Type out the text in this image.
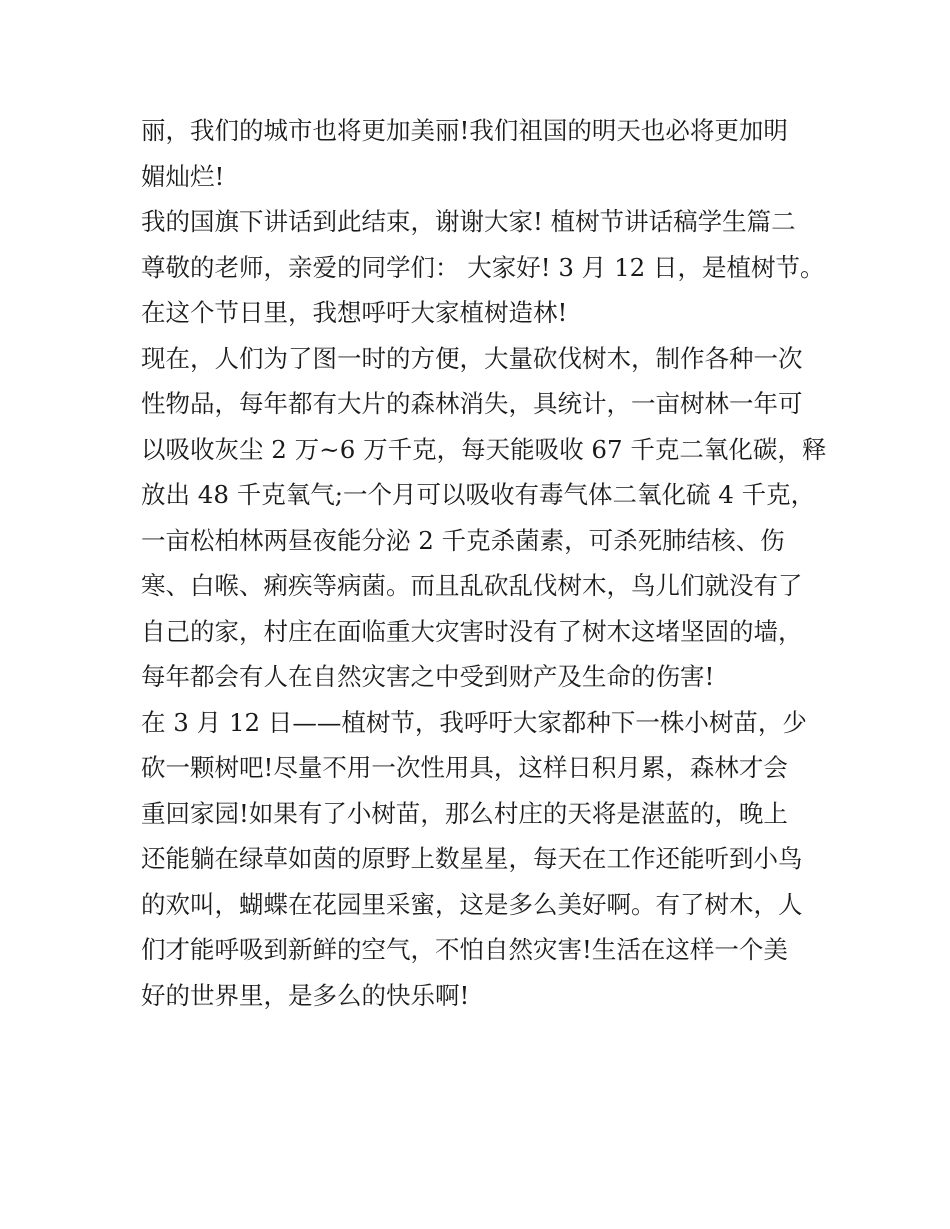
丽，我们的城市也将更加美丽!我们祖国的明天也必将更加明
媚灿烂!
我的国旗下讲话到此结束，谢谢大家! 植树节讲话稿学生篇二
尊敬的老师，亲爱的同学们： 大家好! 3 月 12 日，是植树节。
在这个节日里，我想呼吁大家植树造林!
现在，人们为了图一时的方便，大量砍伐树木，制作各种一次
性物品，每年都有大片的森林消失，具统计，一亩树林一年可
以吸收灰尘 2 万~6 万千克，每天能吸收 67 千克二氧化碳，释
放出 48 千克氧气;一个月可以吸收有毒气体二氧化硫 4 千克，
一亩松柏林两昼夜能分泌 2 千克杀菌素，可杀死肺结核、伤
寒、白喉、痢疾等病菌。而且乱砍乱伐树木，鸟儿们就没有了
自己的家，村庄在面临重大灾害时没有了树木这堵坚固的墙，
每年都会有人在自然灾害之中受到财产及生命的伤害!
在 3 月 12 日——植树节，我呼吁大家都种下一株小树苗，少
砍一颗树吧!尽量不用一次性用具，这样日积月累，森林才会
重回家园!如果有了小树苗，那么村庄的天将是湛蓝的，晚上
还能躺在绿草如茵的原野上数星星，每天在工作还能听到小鸟
的欢叫，蝴蝶在花园里采蜜，这是多么美好啊。有了树木，人
们才能呼吸到新鲜的空气，不怕自然灾害!生活在这样一个美
好的世界里，是多么的快乐啊!
